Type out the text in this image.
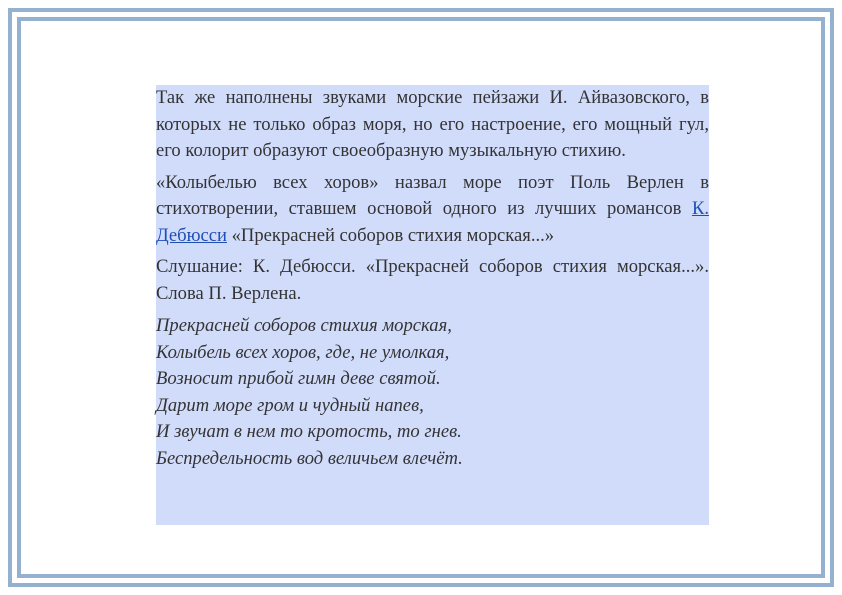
Так же наполнены звуками морские пейзажи И. Айвазовского, в которых не только образ моря, но его настроение, его мощный гул, его колорит образуют своеобразную музыкальную стихию.

«Колыбелью всех хоров» назвал море поэт Поль Верлен в стихотворении, ставшем основой одного из лучших романсов К. Дебюсси «Прекрасней соборов стихия морская...»

Слушание: К. Дебюсси. «Прекрасней соборов стихия морская...». Слова П. Верлена.

Прекрасней соборов стихия морская,
Колыбель всех хоров, где, не умолкая,
Возносит прибой гимн деве святой.
Дарит море гром и чудный напев,
И звучат в нем то кротость, то гнев.
Беспредельность вод величьем влечёт.
